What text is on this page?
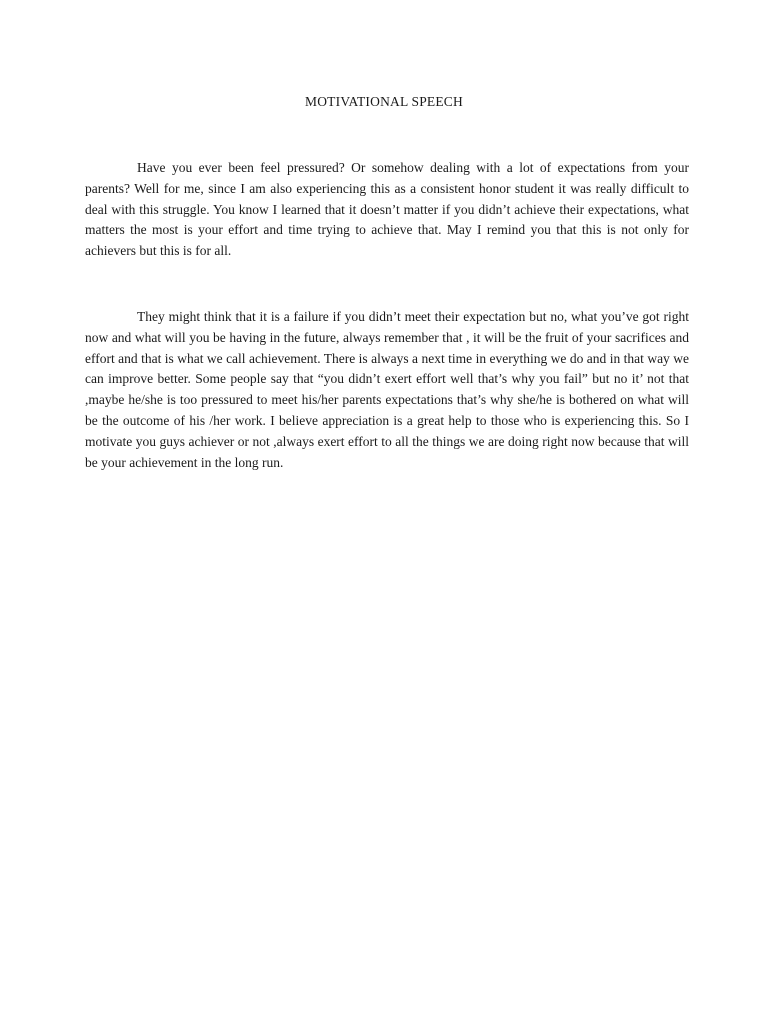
MOTIVATIONAL SPEECH

Have you ever been feel pressured? Or somehow dealing with a lot of expectations from your parents? Well for me, since I am also experiencing this as a consistent honor student it was really difficult to deal with this struggle. You know I learned that it doesn’t matter if you didn’t achieve their expectations, what matters the most is your effort and time trying to achieve that. May I remind you that this is not only for achievers but this is for all.

They might think that it is a failure if you didn’t meet their expectation but no, what you’ve got right now and what will you be having in the future, always remember that , it will be the fruit of your sacrifices and effort and that is what we call achievement. There is always a next time in everything we do and in that way we can improve better. Some people say that “you didn’t exert effort well that’s why you fail” but no it’ not that ,maybe he/she is too pressured to meet his/her parents expectations that’s why she/he is bothered on what will be the outcome of his /her work. I believe appreciation is a great help to those who is experiencing this. So I motivate you guys achiever or not ,always exert effort to all the things we are doing right now because that will be your achievement in the long run.
